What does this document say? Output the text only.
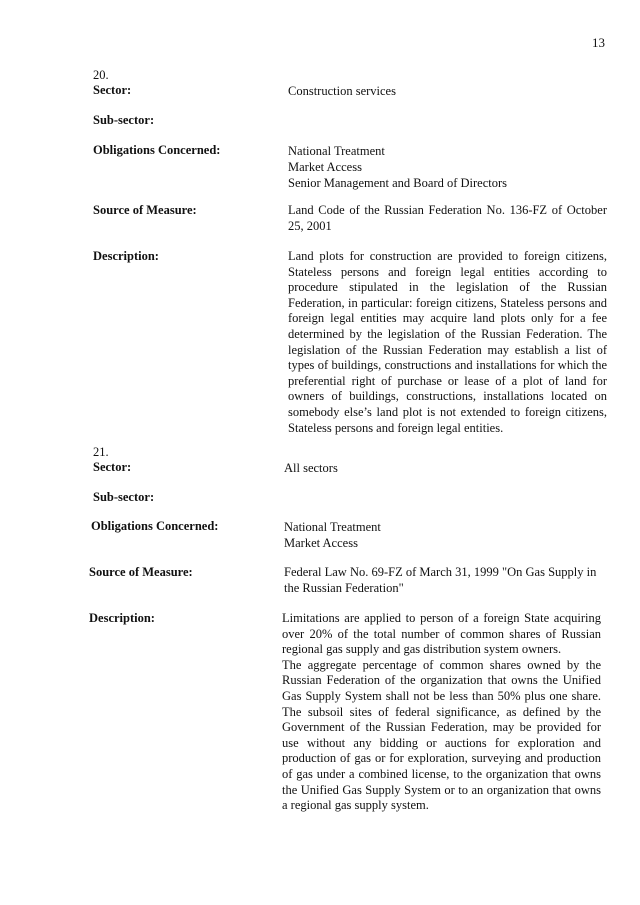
13
20.
Sector:	Construction services
Sub-sector:
Obligations Concerned:	National Treatment
Market Access
Senior Management and Board of Directors
Source of Measure:	Land Code of the Russian Federation No. 136-FZ of October 25, 2001
Description:	Land plots for construction are provided to foreign citizens, Stateless persons and foreign legal entities according to procedure stipulated in the legislation of the Russian Federation, in particular: foreign citizens, Stateless persons and foreign legal entities may acquire land plots only for a fee determined by the legislation of the Russian Federation. The legislation of the Russian Federation may establish a list of types of buildings, constructions and installations for which the preferential right of purchase or lease of a plot of land for owners of buildings, constructions, installations located on somebody else’s land plot is not extended to foreign citizens, Stateless persons and foreign legal entities.
21.
Sector:	All sectors
Sub-sector:
Obligations Concerned:	National Treatment
Market Access
Source of Measure:	Federal Law No. 69-FZ of March 31, 1999 "On Gas Supply in the Russian Federation"
Description:	Limitations are applied to person of a foreign State acquiring over 20% of the total number of common shares of Russian regional gas supply and gas distribution system owners.
The aggregate percentage of common shares owned by the Russian Federation of the organization that owns the Unified Gas Supply System shall not be less than 50% plus one share. The subsoil sites of federal significance, as defined by the Government of the Russian Federation, may be provided for use without any bidding or auctions for exploration and production of gas or for exploration, surveying and production of gas under a combined license, to the organization that owns the Unified Gas Supply System or to an organization that owns a regional gas supply system.
